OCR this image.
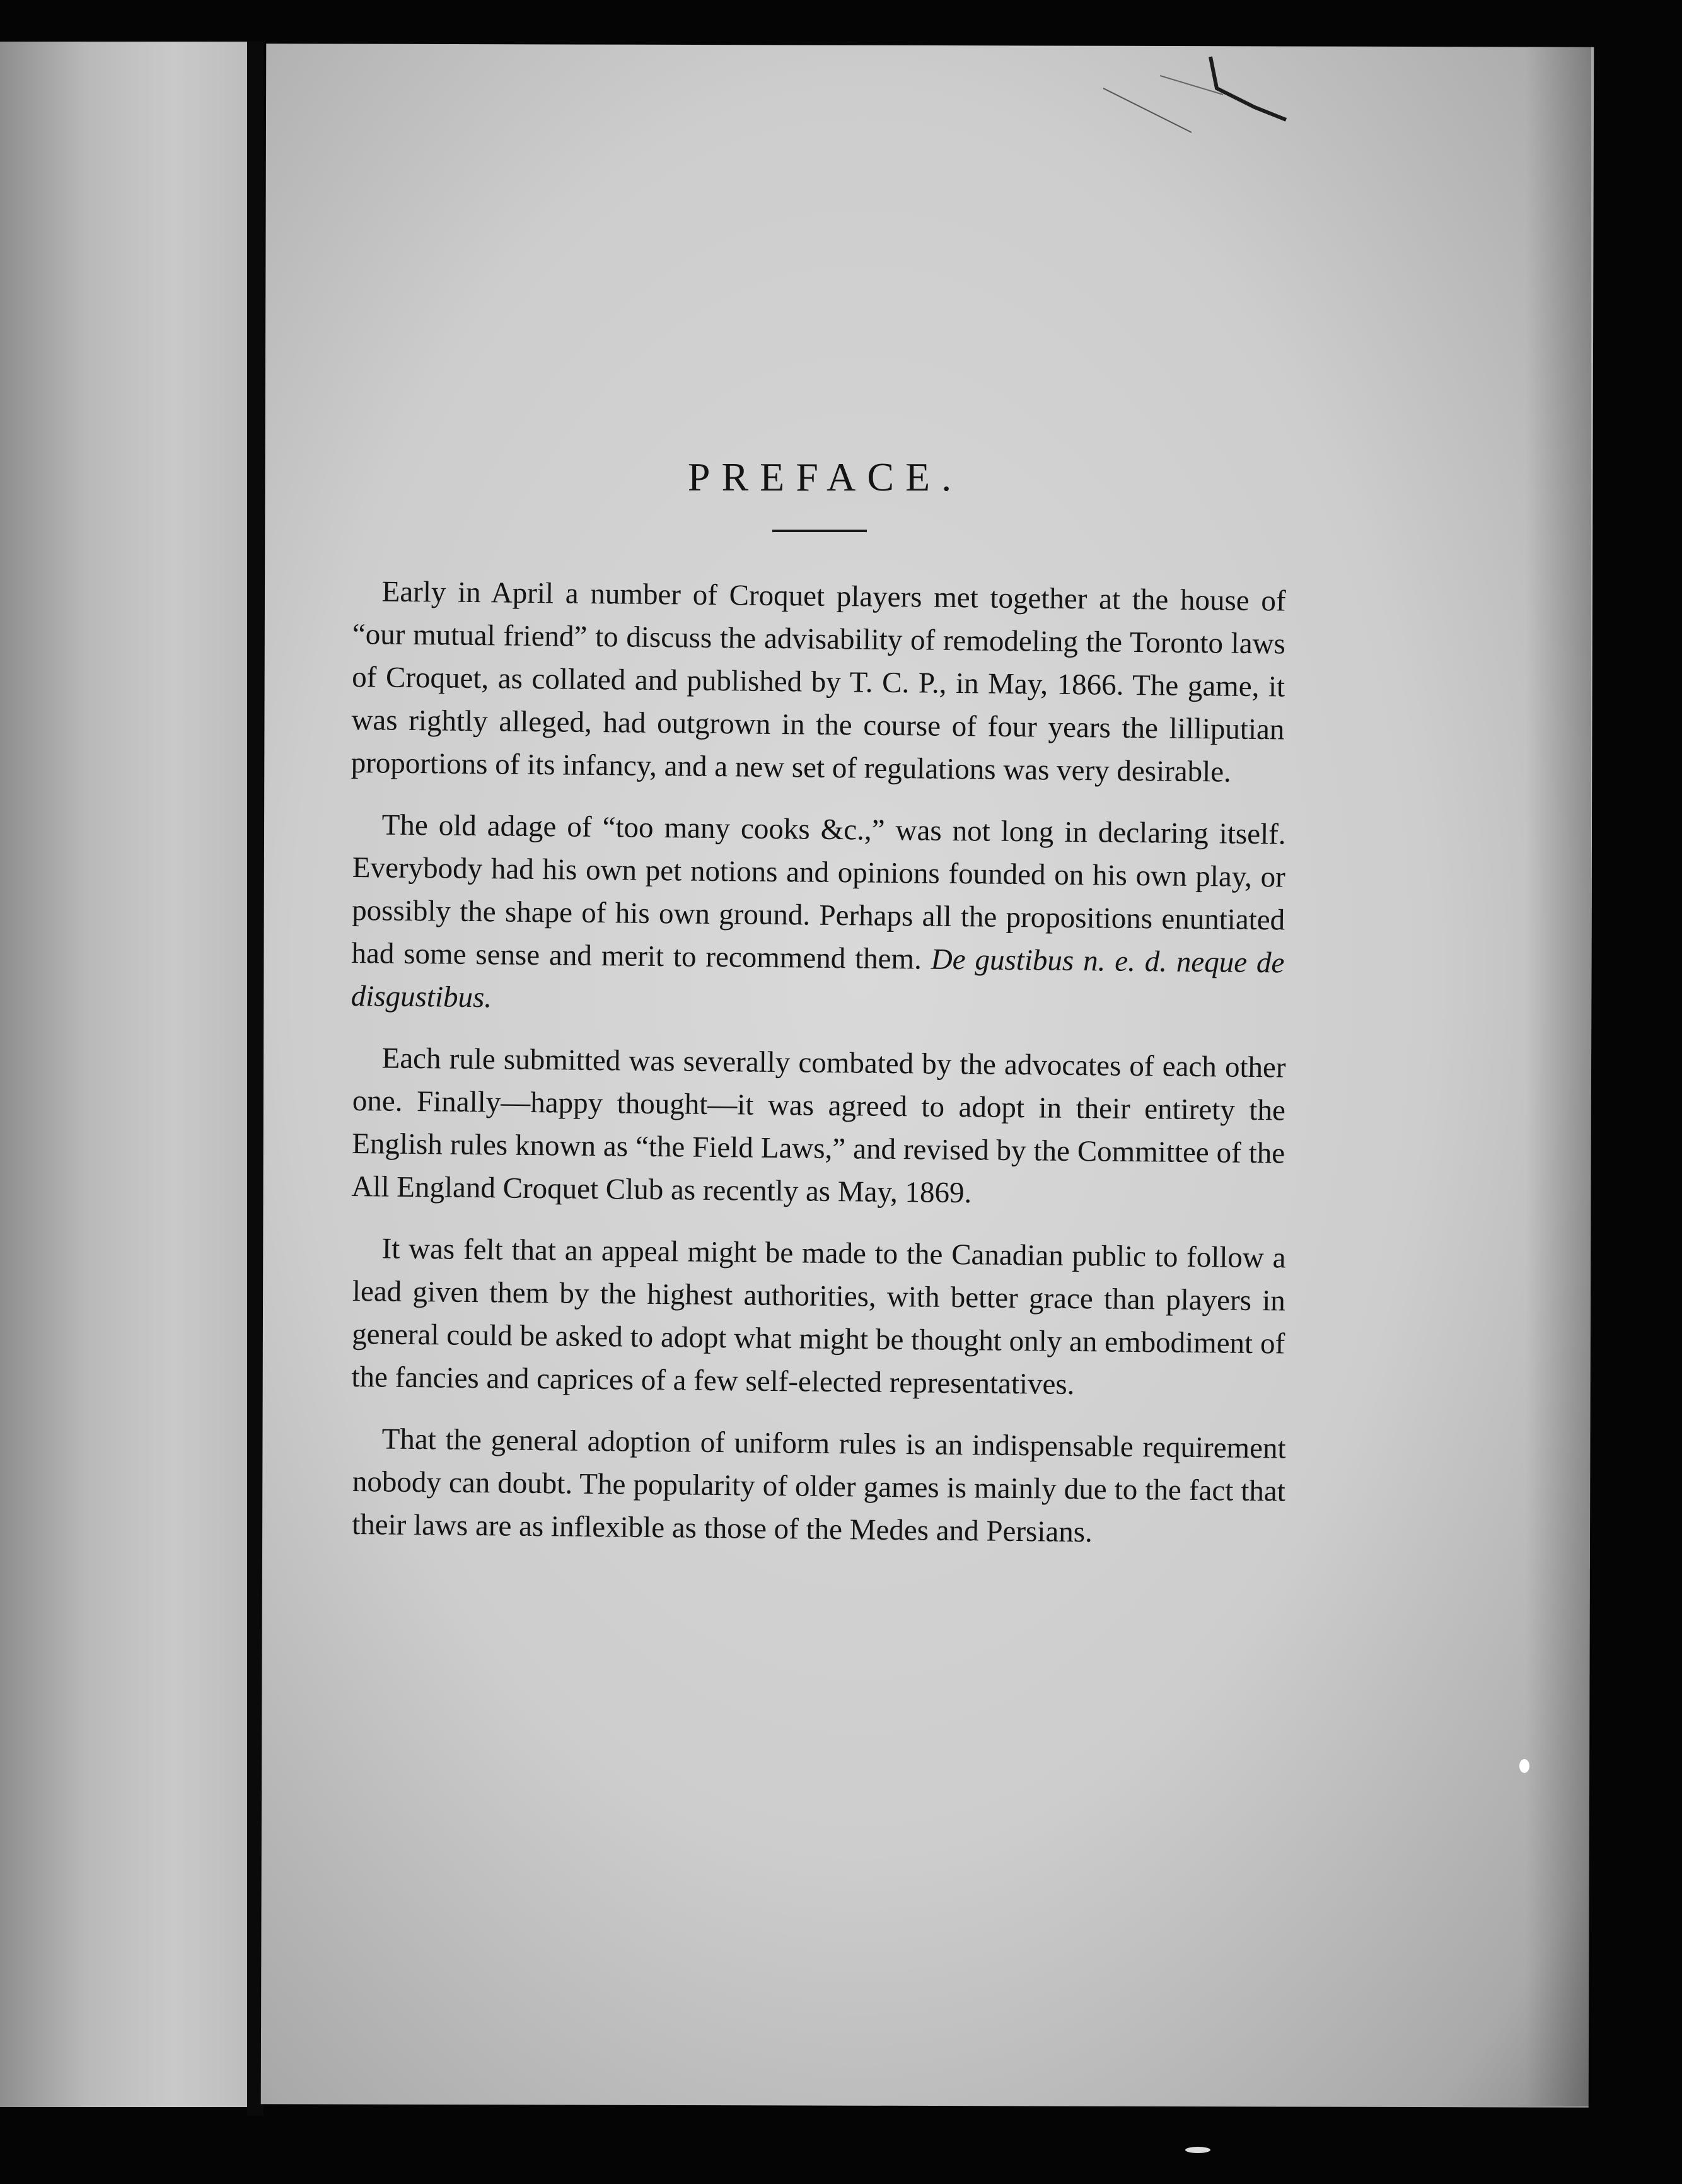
PREFACE.

Early in April a number of Croquet players met together at the house of “our mutual friend” to discuss the advisability of remodeling the Toronto laws of Croquet, as collated and published by T. C. P., in May, 1866. The game, it was rightly alleged, had outgrown in the course of four years the lilliputian proportions of its infancy, and a new set of regulations was very desirable.

The old adage of “too many cooks &c.,” was not long in declaring itself. Everybody had his own pet notions and opinions founded on his own play, or possibly the shape of his own ground. Perhaps all the propositions enuntiated had some sense and merit to recommend them. De gustibus n. e. d. neque de disgustibus.

Each rule submitted was severally combated by the advocates of each other one. Finally—happy thought—it was agreed to adopt in their entirety the English rules known as “the Field Laws,” and revised by the Committee of the All England Croquet Club as recently as May, 1869.

It was felt that an appeal might be made to the Canadian public to follow a lead given them by the highest authorities, with better grace than players in general could be asked to adopt what might be thought only an embodiment of the fancies and caprices of a few self-elected representatives.

That the general adoption of uniform rules is an indispensable requirement nobody can doubt. The popularity of older games is mainly due to the fact that their laws are as inflexible as those of the Medes and Persians.
